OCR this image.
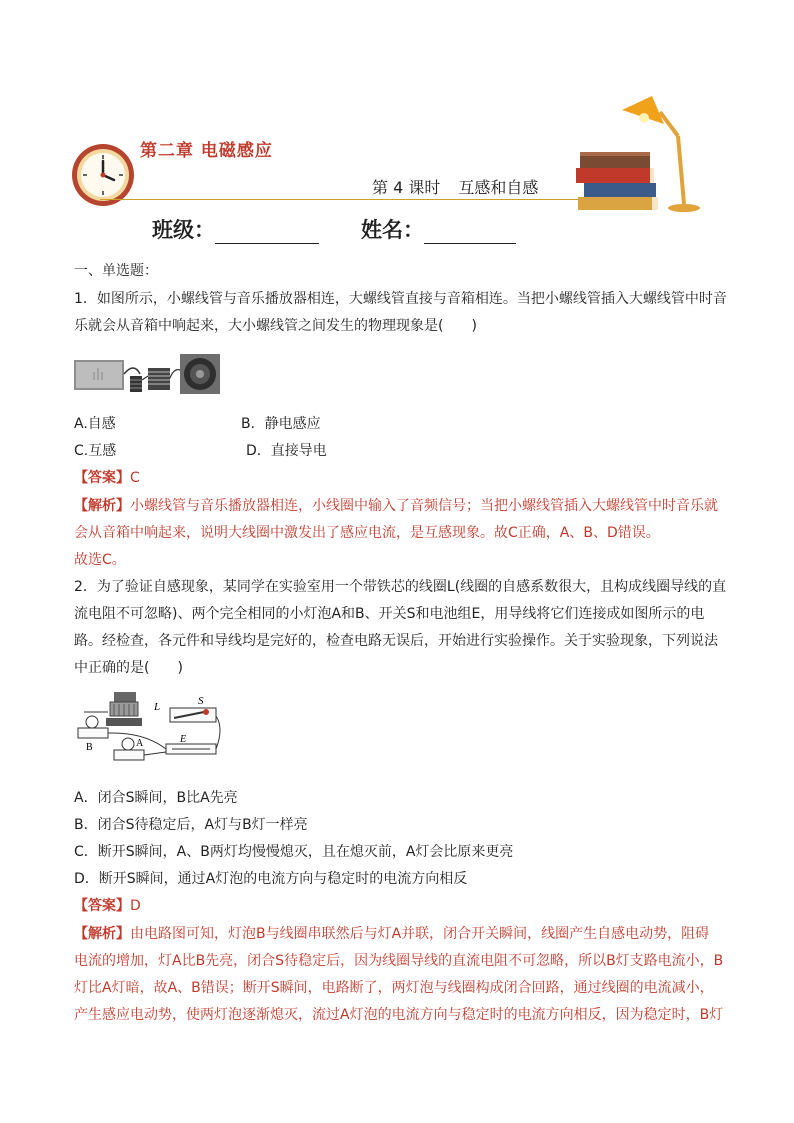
第二章 电磁感应
第 4 课时 互感和自感
班级：	姓名：
一、单选题：
1．如图所示，小螺线管与音乐播放器相连，大螺线管直接与音箱相连。当把小螺线管插入大螺线管中时音
乐就会从音箱中响起来，大小螺线管之间发生的物理现象是(　　)
A.自感	B．静电感应
C.互感	D．直接导电
【答案】C
【解析】小螺线管与音乐播放器相连，小线圈中输入了音频信号；当把小螺线管插入大螺线管中时音乐就
会从音箱中响起来，说明大线圈中激发出了感应电流，是互感现象。故C正确，A、B、D错误。
故选C。
2．为了验证自感现象，某同学在实验室用一个带铁芯的线圈L(线圈的自感系数很大，且构成线圈导线的直
流电阻不可忽略)、两个完全相同的小灯泡A和B、开关S和电池组E，用导线将它们连接成如图所示的电
路。经检查，各元件和导线均是完好的，检查电路无误后，开始进行实验操作。关于实验现象，下列说法
中正确的是(　　)
L	S
B	A	E
A．闭合S瞬间，B比A先亮
B．闭合S待稳定后，A灯与B灯一样亮
C．断开S瞬间，A、B两灯均慢慢熄灭，且在熄灭前，A灯会比原来更亮
D．断开S瞬间，通过A灯泡的电流方向与稳定时的电流方向相反
【答案】D
【解析】由电路图可知，灯泡B与线圈串联然后与灯A并联，闭合开关瞬间，线圈产生自感电动势，阻碍
电流的增加，灯A比B先亮，闭合S待稳定后，因为线圈导线的直流电阻不可忽略，所以B灯支路电流小，B
灯比A灯暗，故A、B错误；断开S瞬间，电路断了，两灯泡与线圈构成闭合回路，通过线圈的电流减小，
产生感应电动势，使两灯泡逐渐熄灭，流过A灯泡的电流方向与稳定时的电流方向相反，因为稳定时，B灯
